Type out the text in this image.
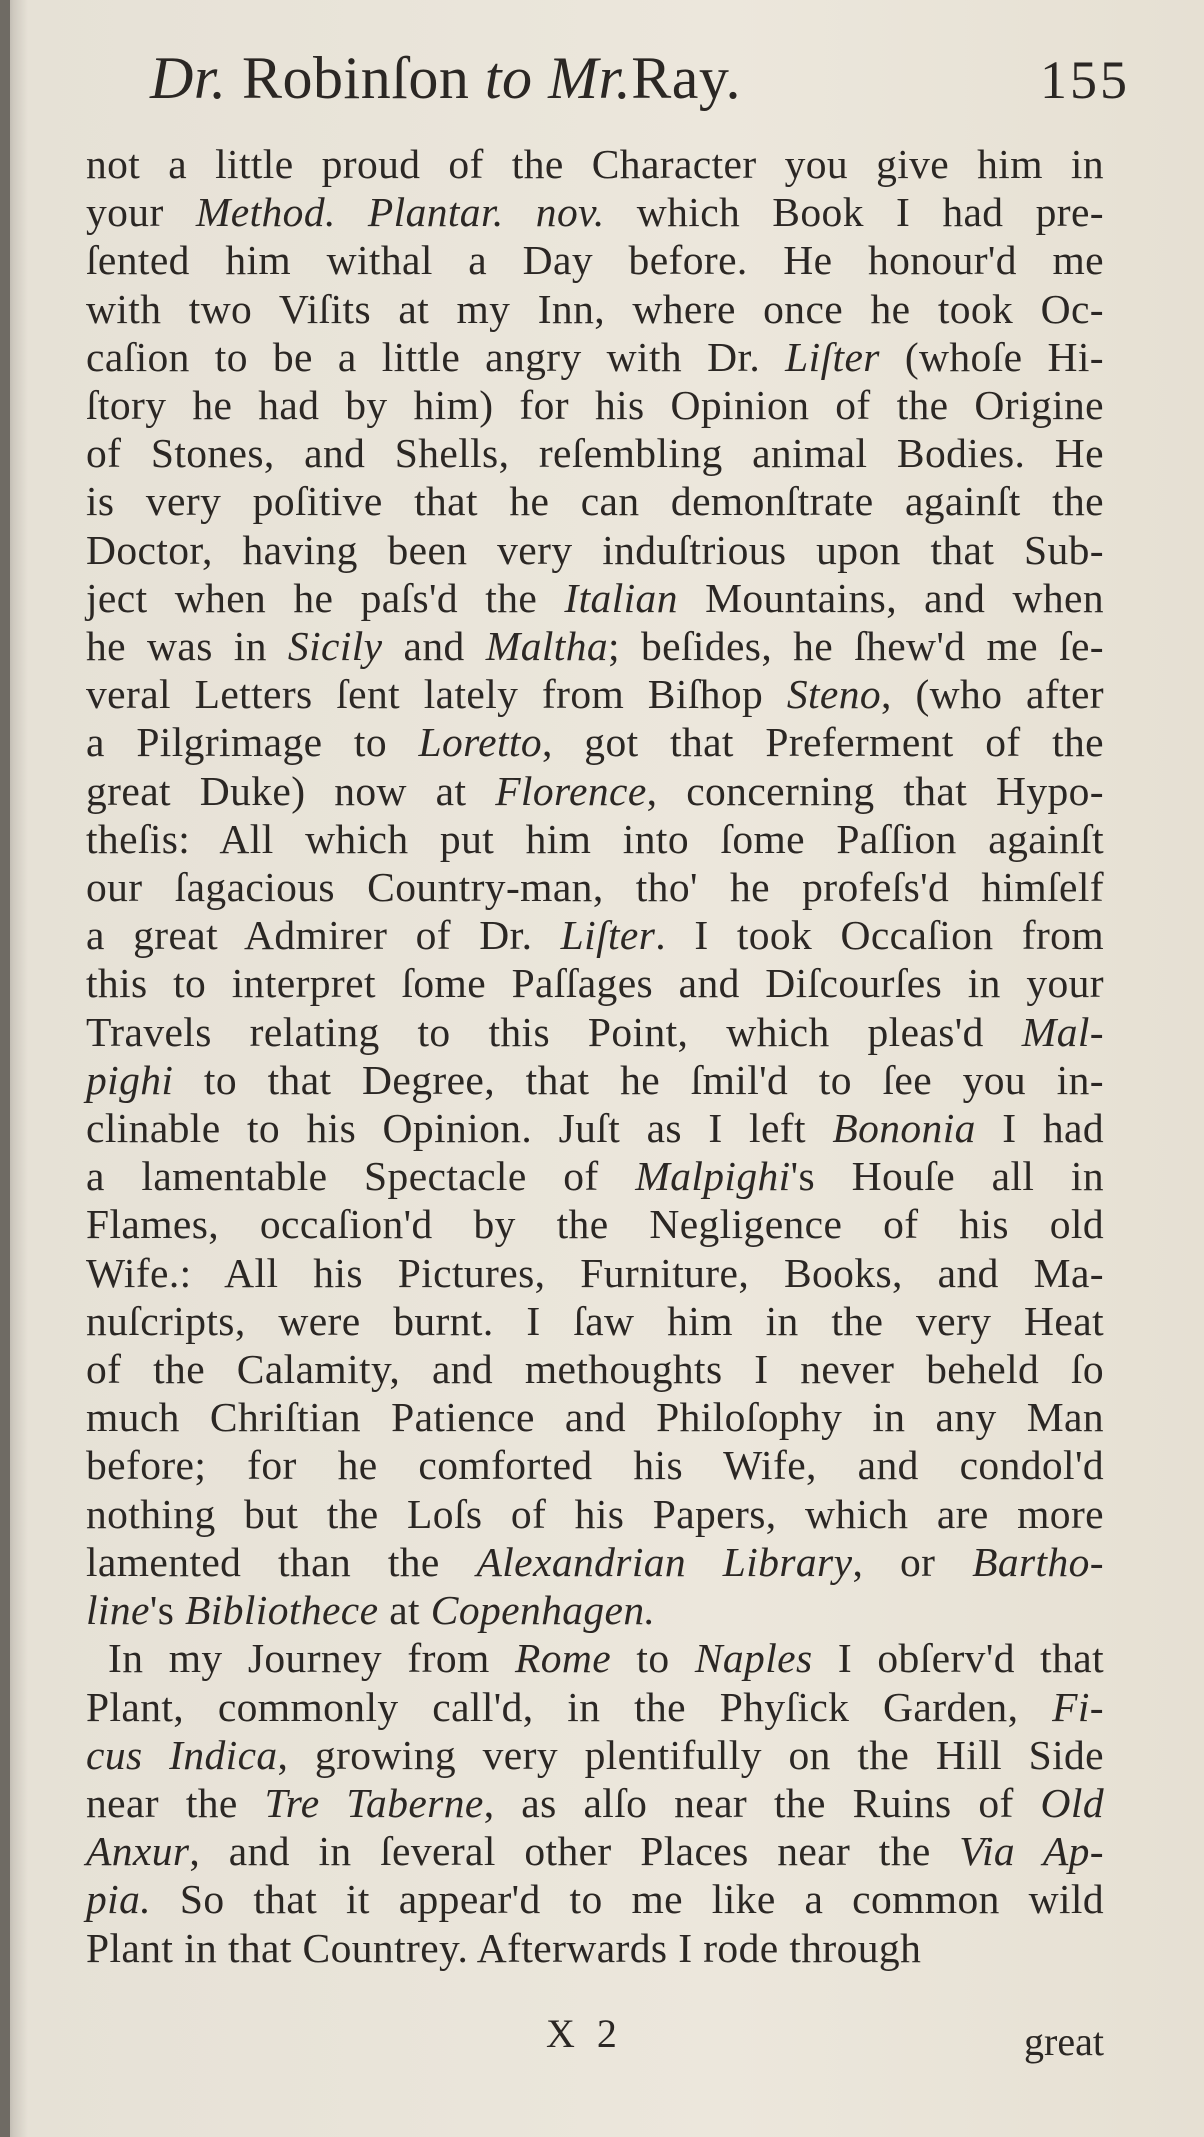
Dr. Robinſon to Mr.Ray.	155
not a little proud of the Character you give him in
your Method. Plantar. nov. which Book I had pre-
ſented him withal a Day before. He honour'd me
with two Viſits at my Inn, where once he took Oc-
caſion to be a little angry with Dr. Liſter (whoſe Hi-
ſtory he had by him) for his Opinion of the Origine
of Stones, and Shells, reſembling animal Bodies. He
is very poſitive that he can demonſtrate againſt the
Doctor, having been very induſtrious upon that Sub-
ject when he paſs'd the Italian Mountains, and when
he was in Sicily and Maltha; beſides, he ſhew'd me ſe-
veral Letters ſent lately from Biſhop Steno, (who after
a Pilgrimage to Loretto, got that Preferment of the
great Duke) now at Florence, concerning that Hypo-
theſis: All which put him into ſome Paſſion againſt
our ſagacious Country-man, tho' he profeſs'd himſelf
a great Admirer of Dr. Liſter. I took Occaſion from
this to interpret ſome Paſſages and Diſcourſes in your
Travels relating to this Point, which pleas'd Mal-
pighi to that Degree, that he ſmil'd to ſee you in-
clinable to his Opinion. Juſt as I left Bononia I had
a lamentable Spectacle of Malpighi's Houſe all in
Flames, occaſion'd by the Negligence of his old
Wife.: All his Pictures, Furniture, Books, and Ma-
nuſcripts, were burnt. I ſaw him in the very Heat
of the Calamity, and methoughts I never beheld ſo
much Chriſtian Patience and Philoſophy in any Man
before; for he comforted his Wife, and condol'd
nothing but the Loſs of his Papers, which are more
lamented than the Alexandrian Library, or Bartho-
line's Bibliothece at Copenhagen.
In my Journey from Rome to Naples I obſerv'd that
Plant, commonly call'd, in the Phyſick Garden, Fi-
cus Indica, growing very plentifully on the Hill Side
near the Tre Taberne, as alſo near the Ruins of Old
Anxur, and in ſeveral other Places near the Via Ap-
pia. So that it appear'd to me like a common wild
Plant in that Countrey. Afterwards I rode through
X 2	great
